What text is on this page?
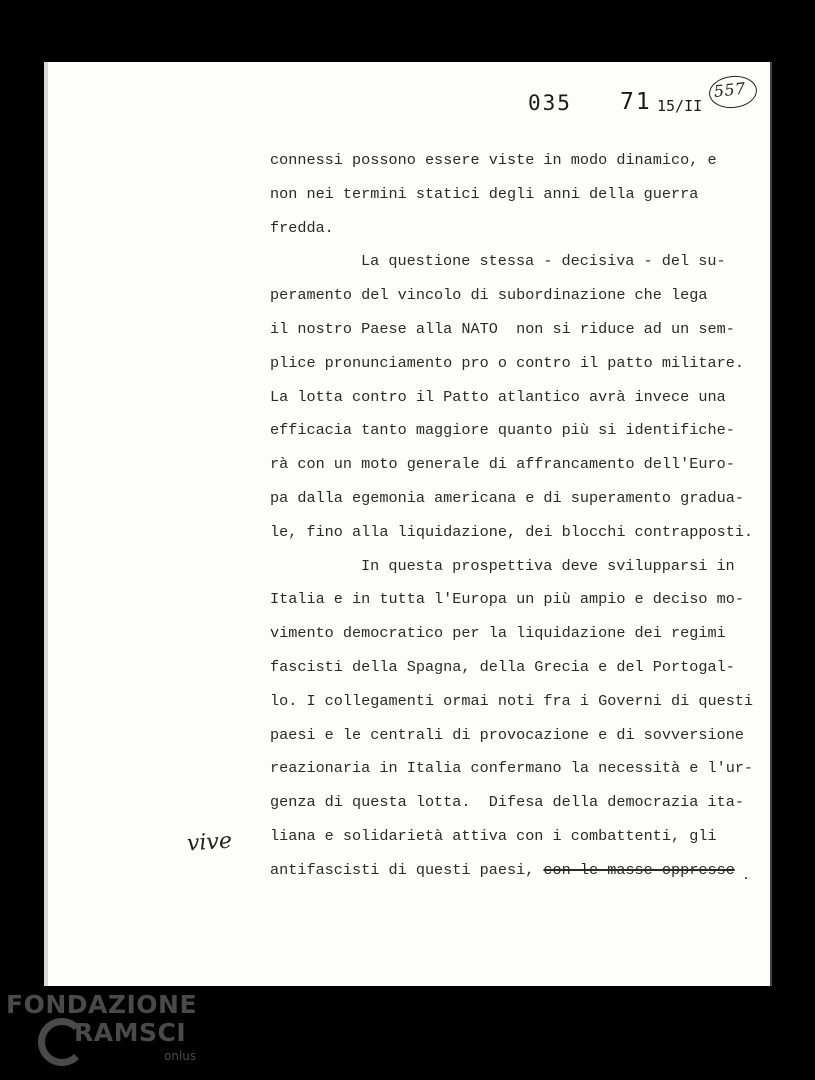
035 71 15/II
557
connessi possono essere viste in modo dinamico, e
non nei termini statici degli anni della guerra
fredda.
La questione stessa - decisiva - del su-
peramento del vincolo di subordinazione che lega
il nostro Paese alla NATO  non si riduce ad un sem-
plice pronunciamento pro o contro il patto militare.
La lotta contro il Patto atlantico avrà invece una
efficacia tanto maggiore quanto più si identifiche-
rà con un moto generale di affrancamento dell'Euro-
pa dalla egemonia americana e di superamento gradua-
le, fino alla liquidazione, dei blocchi contrapposti.
In questa prospettiva deve svilupparsi in
Italia e in tutta l'Europa un più ampio e deciso mo-
vimento democratico per la liquidazione dei regimi
fascisti della Spagna, della Grecia e del Portogal-
lo. I collegamenti ormai noti fra i Governi di questi
paesi e le centrali di provocazione e di sovversione
reazionaria in Italia confermano la necessità e l'ur-
genza di questa lotta.  Difesa della democrazia ita-
liana e solidarietà attiva con i combattenti, gli
antifascisti di questi paesi, con le masse oppresse
vive
FONDAZIONE
RAMSCI
onlus
